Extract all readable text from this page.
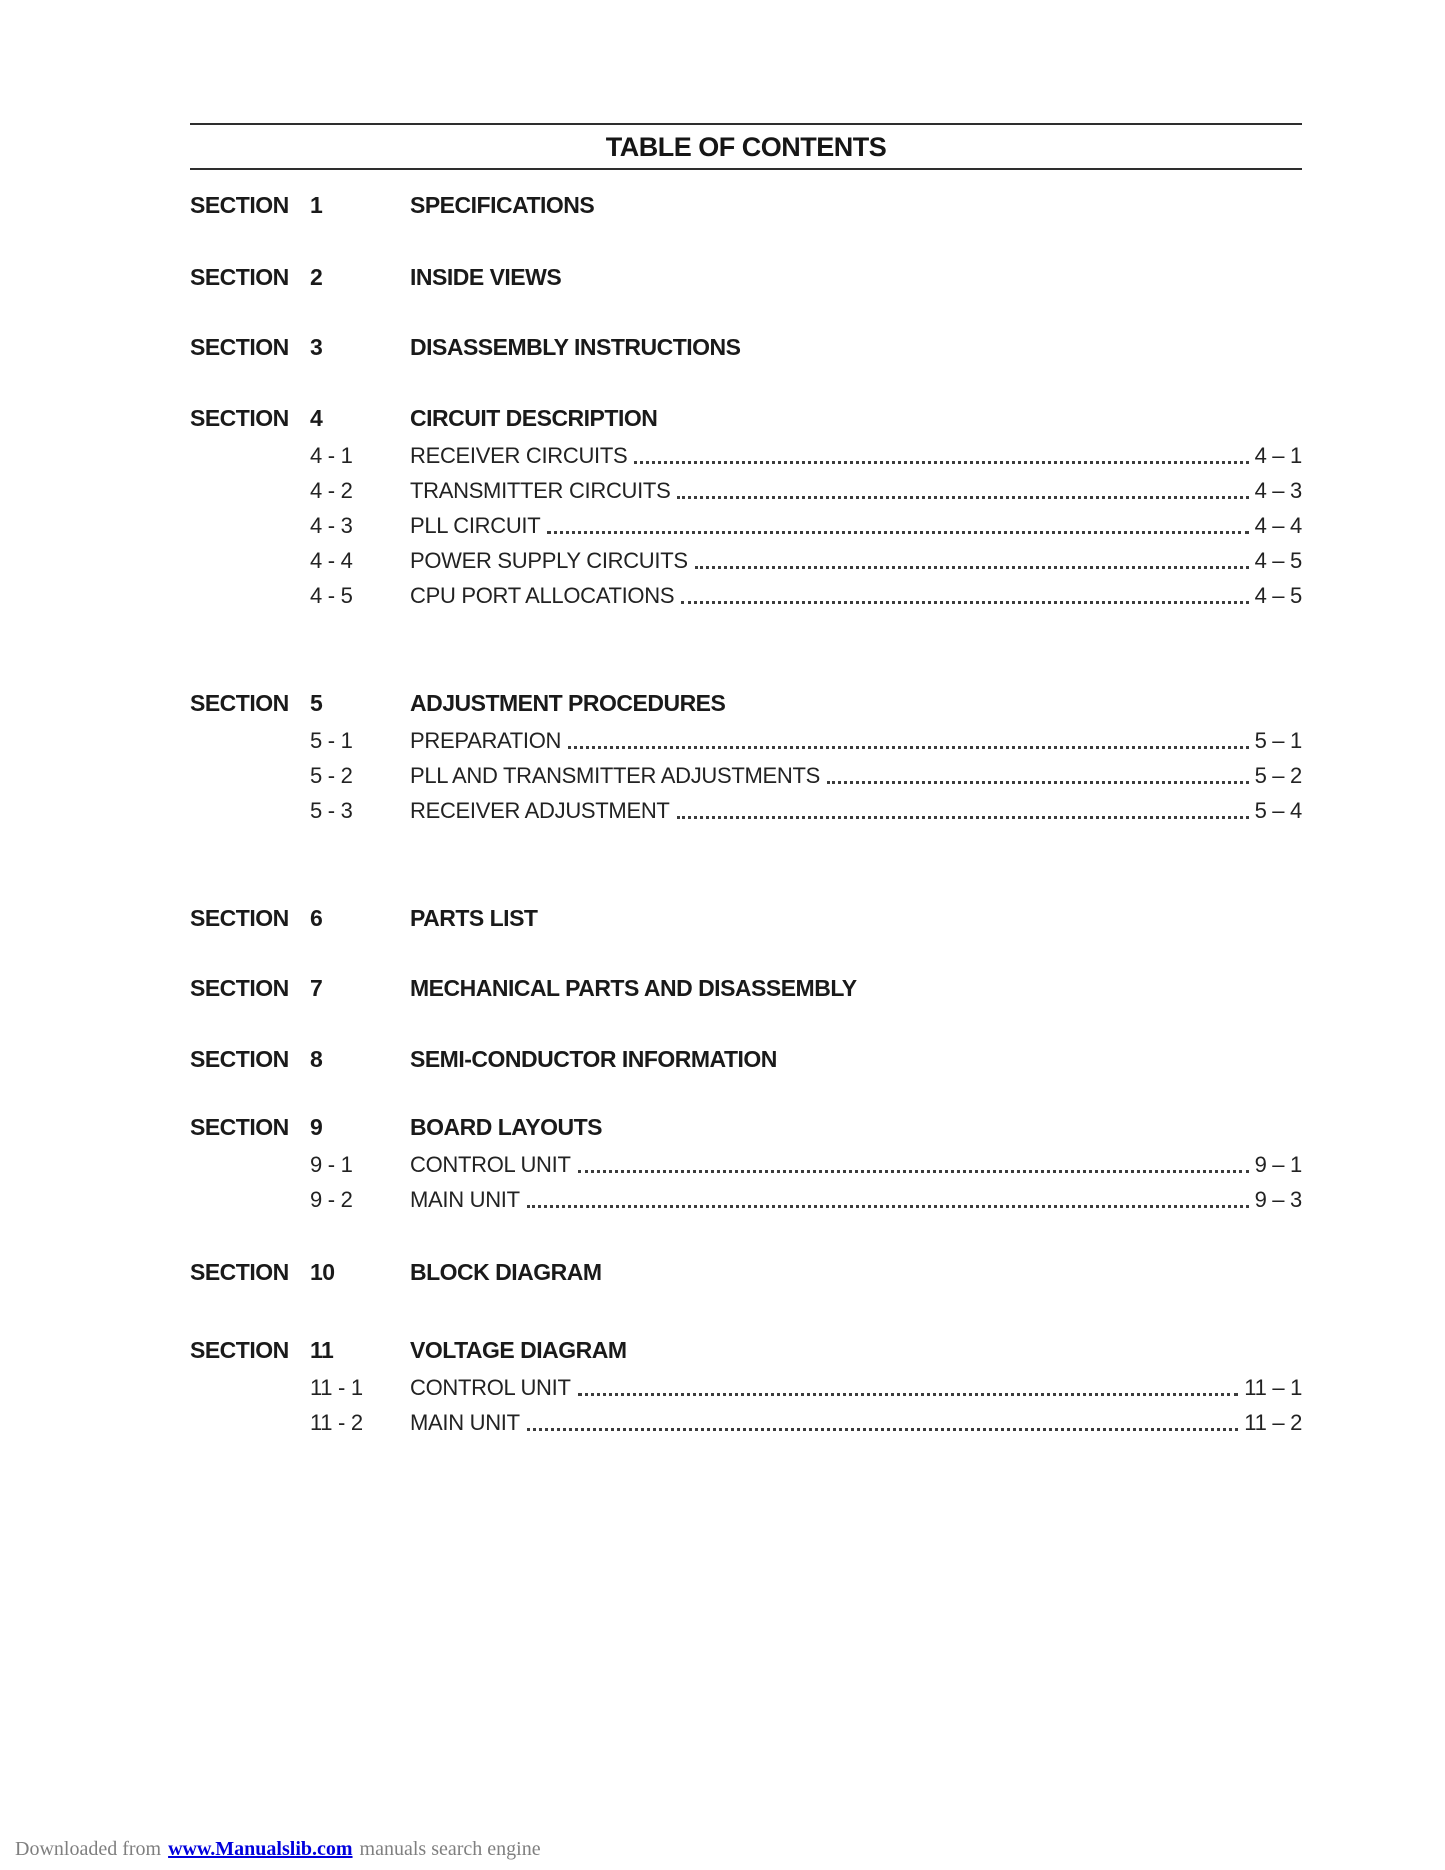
TABLE OF CONTENTS
SECTION 1	SPECIFICATIONS
SECTION 2	INSIDE VIEWS
SECTION 3	DISASSEMBLY INSTRUCTIONS
SECTION 4	CIRCUIT DESCRIPTION
4 - 1	RECEIVER CIRCUITS	4 – 1
4 - 2	TRANSMITTER CIRCUITS	4 – 3
4 - 3	PLL CIRCUIT	4 – 4
4 - 4	POWER SUPPLY CIRCUITS	4 – 5
4 - 5	CPU PORT ALLOCATIONS	4 – 5
SECTION 5	ADJUSTMENT PROCEDURES
5 - 1	PREPARATION	5 – 1
5 - 2	PLL AND TRANSMITTER ADJUSTMENTS	5 – 2
5 - 3	RECEIVER ADJUSTMENT	5 – 4
SECTION 6	PARTS LIST
SECTION 7	MECHANICAL PARTS AND DISASSEMBLY
SECTION 8	SEMI-CONDUCTOR INFORMATION
SECTION 9	BOARD LAYOUTS
9 - 1	CONTROL UNIT	9 – 1
9 - 2	MAIN UNIT	9 – 3
SECTION 10	BLOCK DIAGRAM
SECTION 11	VOLTAGE DIAGRAM
11 - 1	CONTROL UNIT	11 – 1
11 - 2	MAIN UNIT	11 – 2
Downloaded from www.Manualslib.com manuals search engine
